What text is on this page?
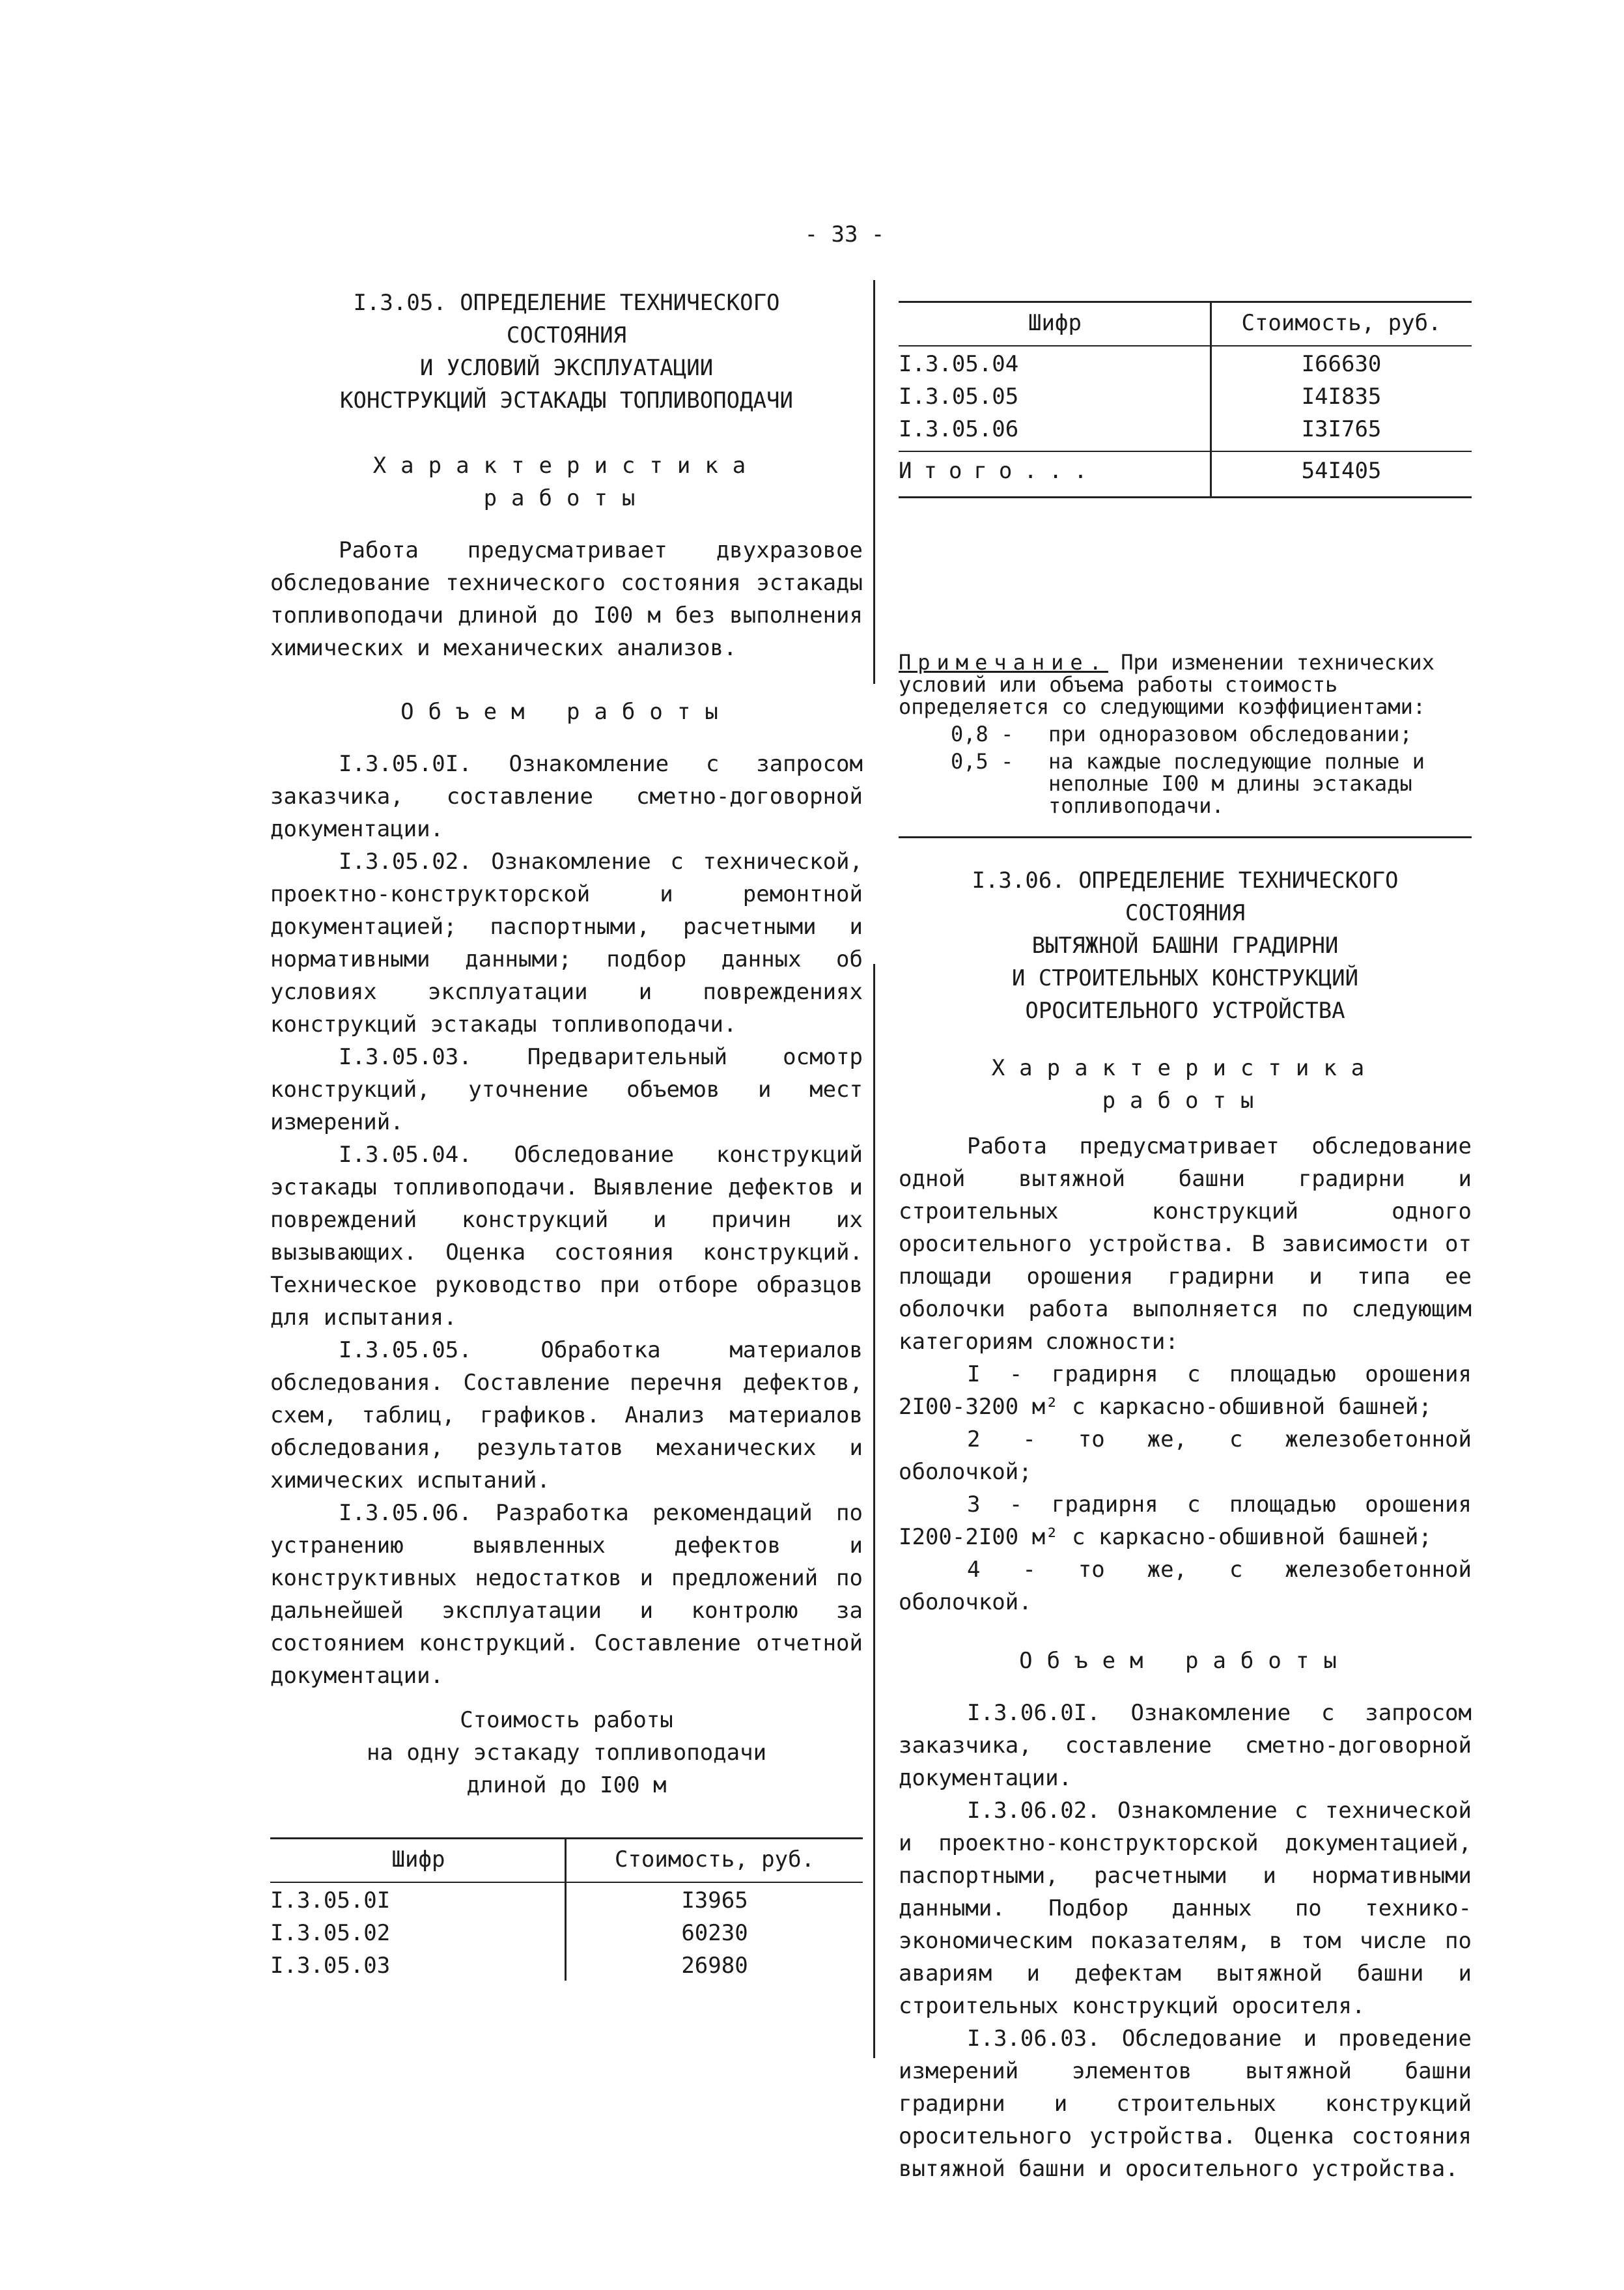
- 33 -
I.3.05. ОПРЕДЕЛЕНИЕ ТЕХНИЧЕСКОГО
СОСТОЯНИЯ
И УСЛОВИЙ ЭКСПЛУАТАЦИИ
КОНСТРУКЦИЙ ЭСТАКАДЫ ТОПЛИВОПОДАЧИ
Характеристика
работы

Работа предусматривает двухразовое обследование технического состояния эстакады топливоподачи длиной до I00 м без выполнения химических и механических анализов.

Объем работы

I.3.05.0I. Ознакомление с запросом заказчика, составление сметно-договорной документации.

I.3.05.02. Ознакомление с технической, проектно-конструкторской и ремонтной документацией; паспортными, расчетными и нормативными данными; подбор данных об условиях эксплуатации и повреждениях конструкций эстакады топливоподачи.

I.3.05.03. Предварительный осмотр конструкций, уточнение объемов и мест измерений.

I.3.05.04. Обследование конструкций эстакады топливоподачи. Выявление дефектов и повреждений конструкций и причин их вызывающих. Оценка состояния конструкций. Техническое руководство при отборе образцов для испытания.

I.3.05.05. Обработка материалов обследования. Составление перечня дефектов, схем, таблиц, графиков. Анализ материалов обследования, результатов механических и химических испытаний.

I.3.05.06. Разработка рекомендаций по устранению выявленных дефектов и конструктивных недостатков и предложений по дальнейшей эксплуатации и контролю за состоянием конструкций. Составление отчетной документации.

Стоимость работы
на одну эстакаду топливоподачи
длиной до I00 м
Шифр	Стоимость, руб.
I.3.05.0I	I3965
I.3.05.02	60230
I.3.05.03	26980
Шифр	Стоимость, руб.
I.3.05.04	I66630
I.3.05.05	I4I835
I.3.05.06	I3I765
Итого...	54I405
Примечание. При изменении технических условий или объема работы стоимость определяется со следующими коэффициентами:
0,8 -	при одноразовом обследовании;
0,5 -	на каждые последующие полные и неполные I00 м длины эстакады топливоподачи.
I.3.06. ОПРЕДЕЛЕНИЕ ТЕХНИЧЕСКОГО
СОСТОЯНИЯ
ВЫТЯЖНОЙ БАШНИ ГРАДИРНИ
И СТРОИТЕЛЬНЫХ КОНСТРУКЦИЙ
ОРОСИТЕЛЬНОГО УСТРОЙСТВА
Характеристика
работы

Работа предусматривает обследование одной вытяжной башни градирни и строительных конструкций одного оросительного устройства. В зависимости от площади орошения градирни и типа ее оболочки работа выполняется по следующим категориям сложности:

I - градирня с площадью орошения 2I00-3200 м² с каркасно-обшивной башней;

2 - то же, с железобетонной оболочкой;

3 - градирня с площадью орошения I200-2I00 м² с каркасно-обшивной башней;

4 - то же, с железобетонной оболочкой.

Объем работы

I.3.06.0I. Ознакомление с запросом заказчика, составление сметно-договорной документации.

I.3.06.02. Ознакомление с технической и проектно-конструкторской документацией, паспортными, расчетными и нормативными данными. Подбор данных по технико-экономическим показателям, в том числе по авариям и дефектам вытяжной башни и строительных конструкций оросителя.

I.3.06.03. Обследование и проведение измерений элементов вытяжной башни градирни и строительных конструкций оросительного устройства. Оценка состояния вытяжной башни и оросительного устройства.
